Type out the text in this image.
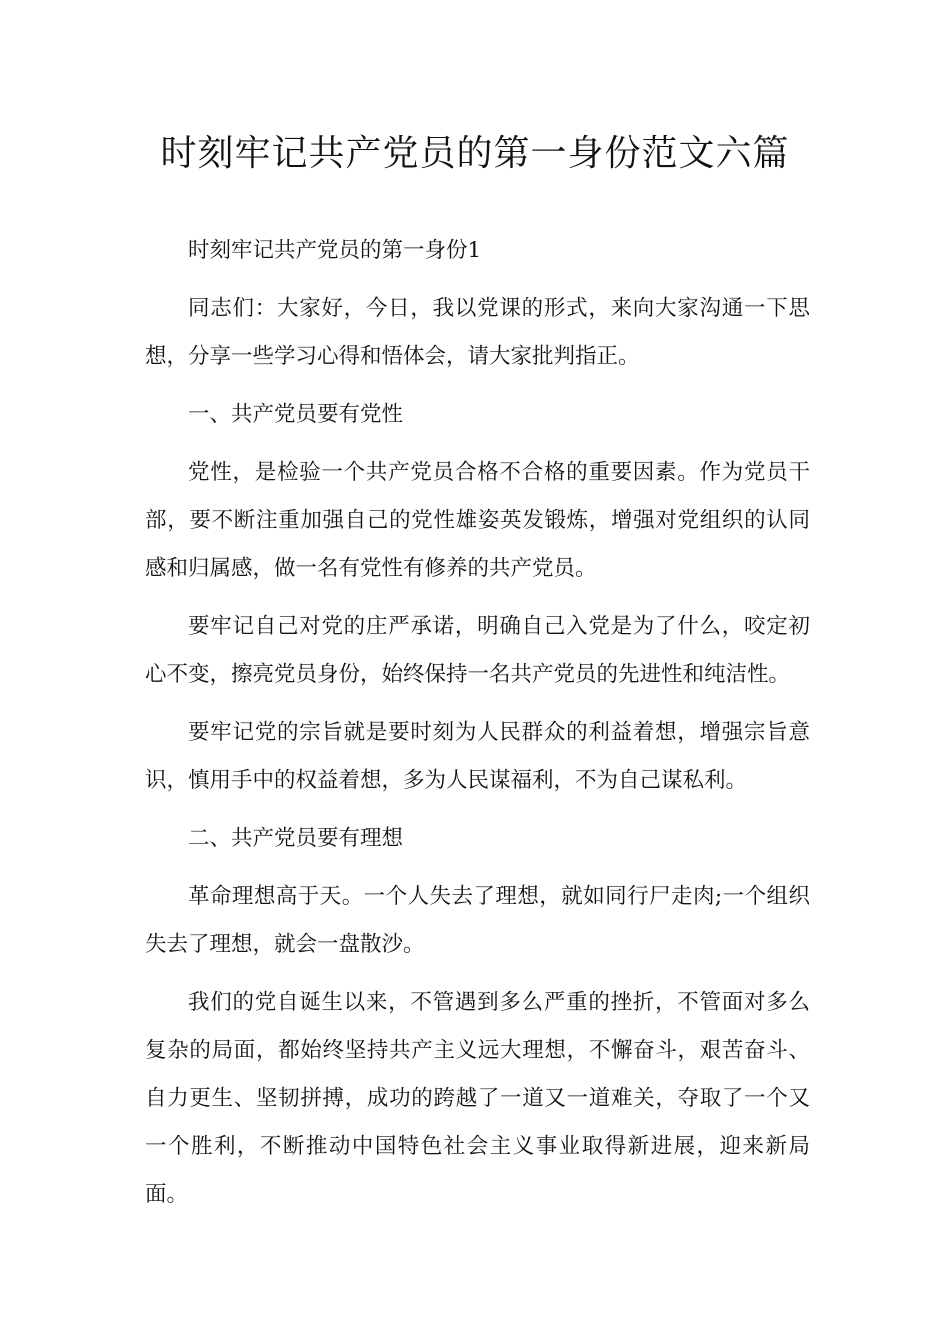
时刻牢记共产党员的第一身份范文六篇

时刻牢记共产党员的第一身份1

同志们：大家好，今日，我以党课的形式，来向大家沟通一下思想，分享一些学习心得和悟体会，请大家批判指正。

一、共产党员要有党性

党性，是检验一个共产党员合格不合格的重要因素。作为党员干部，要不断注重加强自己的党性雄姿英发锻炼，增强对党组织的认同感和归属感，做一名有党性有修养的共产党员。

要牢记自己对党的庄严承诺，明确自己入党是为了什么，咬定初心不变，擦亮党员身份，始终保持一名共产党员的先进性和纯洁性。

要牢记党的宗旨就是要时刻为人民群众的利益着想，增强宗旨意识，慎用手中的权益着想，多为人民谋福利，不为自己谋私利。

二、共产党员要有理想

革命理想高于天。一个人失去了理想，就如同行尸走肉;一个组织失去了理想，就会一盘散沙。

我们的党自诞生以来，不管遇到多么严重的挫折，不管面对多么复杂的局面，都始终坚持共产主义远大理想，不懈奋斗，艰苦奋斗、自力更生、坚韧拼搏，成功的跨越了一道又一道难关，夺取了一个又一个胜利，不断推动中国特色社会主义事业取得新进展，迎来新局面。
